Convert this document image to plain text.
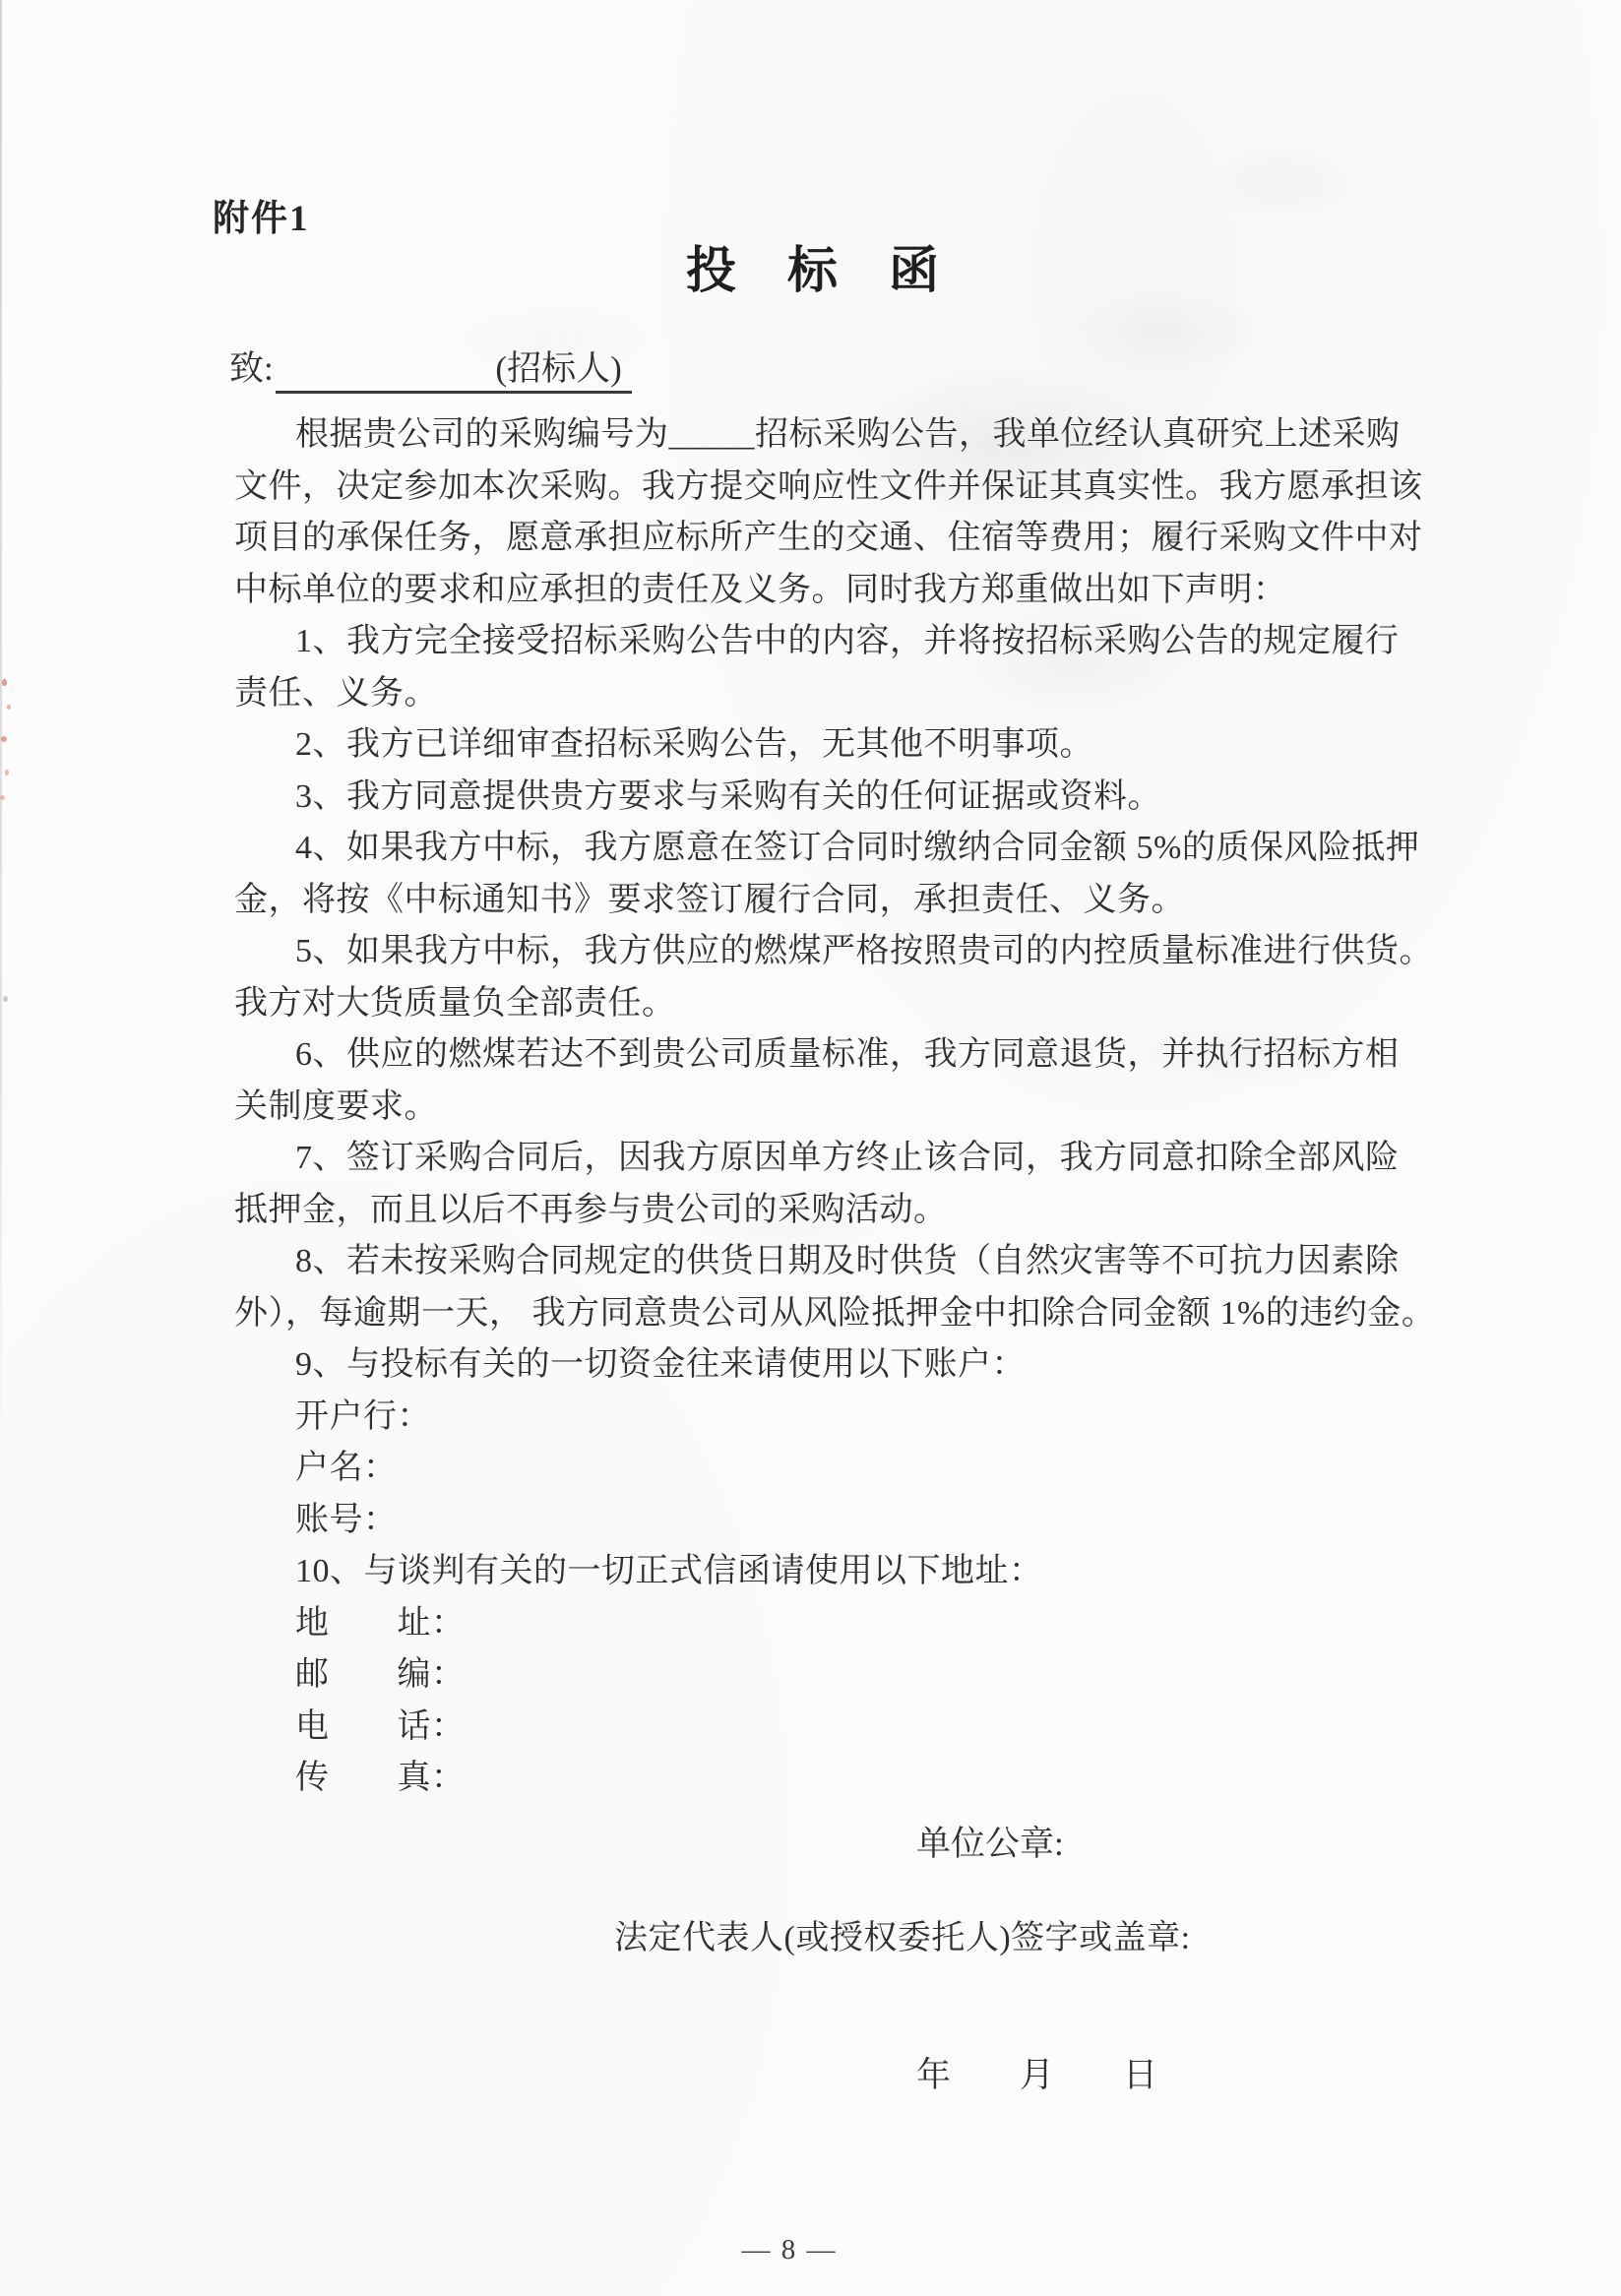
附件1
投标函
致:	(招标人)
根据贵公司的采购编号为_____招标采购公告，我单位经认真研究上述采购
文件，决定参加本次采购。我方提交响应性文件并保证其真实性。我方愿承担该
项目的承保任务，愿意承担应标所产生的交通、住宿等费用；履行采购文件中对
中标单位的要求和应承担的责任及义务。同时我方郑重做出如下声明：
1、我方完全接受招标采购公告中的内容，并将按招标采购公告的规定履行
责任、义务。
2、我方已详细审查招标采购公告，无其他不明事项。
3、我方同意提供贵方要求与采购有关的任何证据或资料。
4、如果我方中标，我方愿意在签订合同时缴纳合同金额 5%的质保风险抵押
金，将按《中标通知书》要求签订履行合同，承担责任、义务。
5、如果我方中标，我方供应的燃煤严格按照贵司的内控质量标准进行供货。
我方对大货质量负全部责任。
6、供应的燃煤若达不到贵公司质量标准，我方同意退货，并执行招标方相
关制度要求。
7、签订采购合同后，因我方原因单方终止该合同，我方同意扣除全部风险
抵押金，而且以后不再参与贵公司的采购活动。
8、若未按采购合同规定的供货日期及时供货（自然灾害等不可抗力因素除
外），每逾期一天， 我方同意贵公司从风险抵押金中扣除合同金额 1%的违约金。
9、与投标有关的一切资金往来请使用以下账户：
开户行：
户名：
账号：
10、与谈判有关的一切正式信函请使用以下地址：
地　　址：
邮　　编：
电　　话：
传　　真：
单位公章:
法定代表人(或授权委托人)签字或盖章:
年　　月　　日
— 8 —
